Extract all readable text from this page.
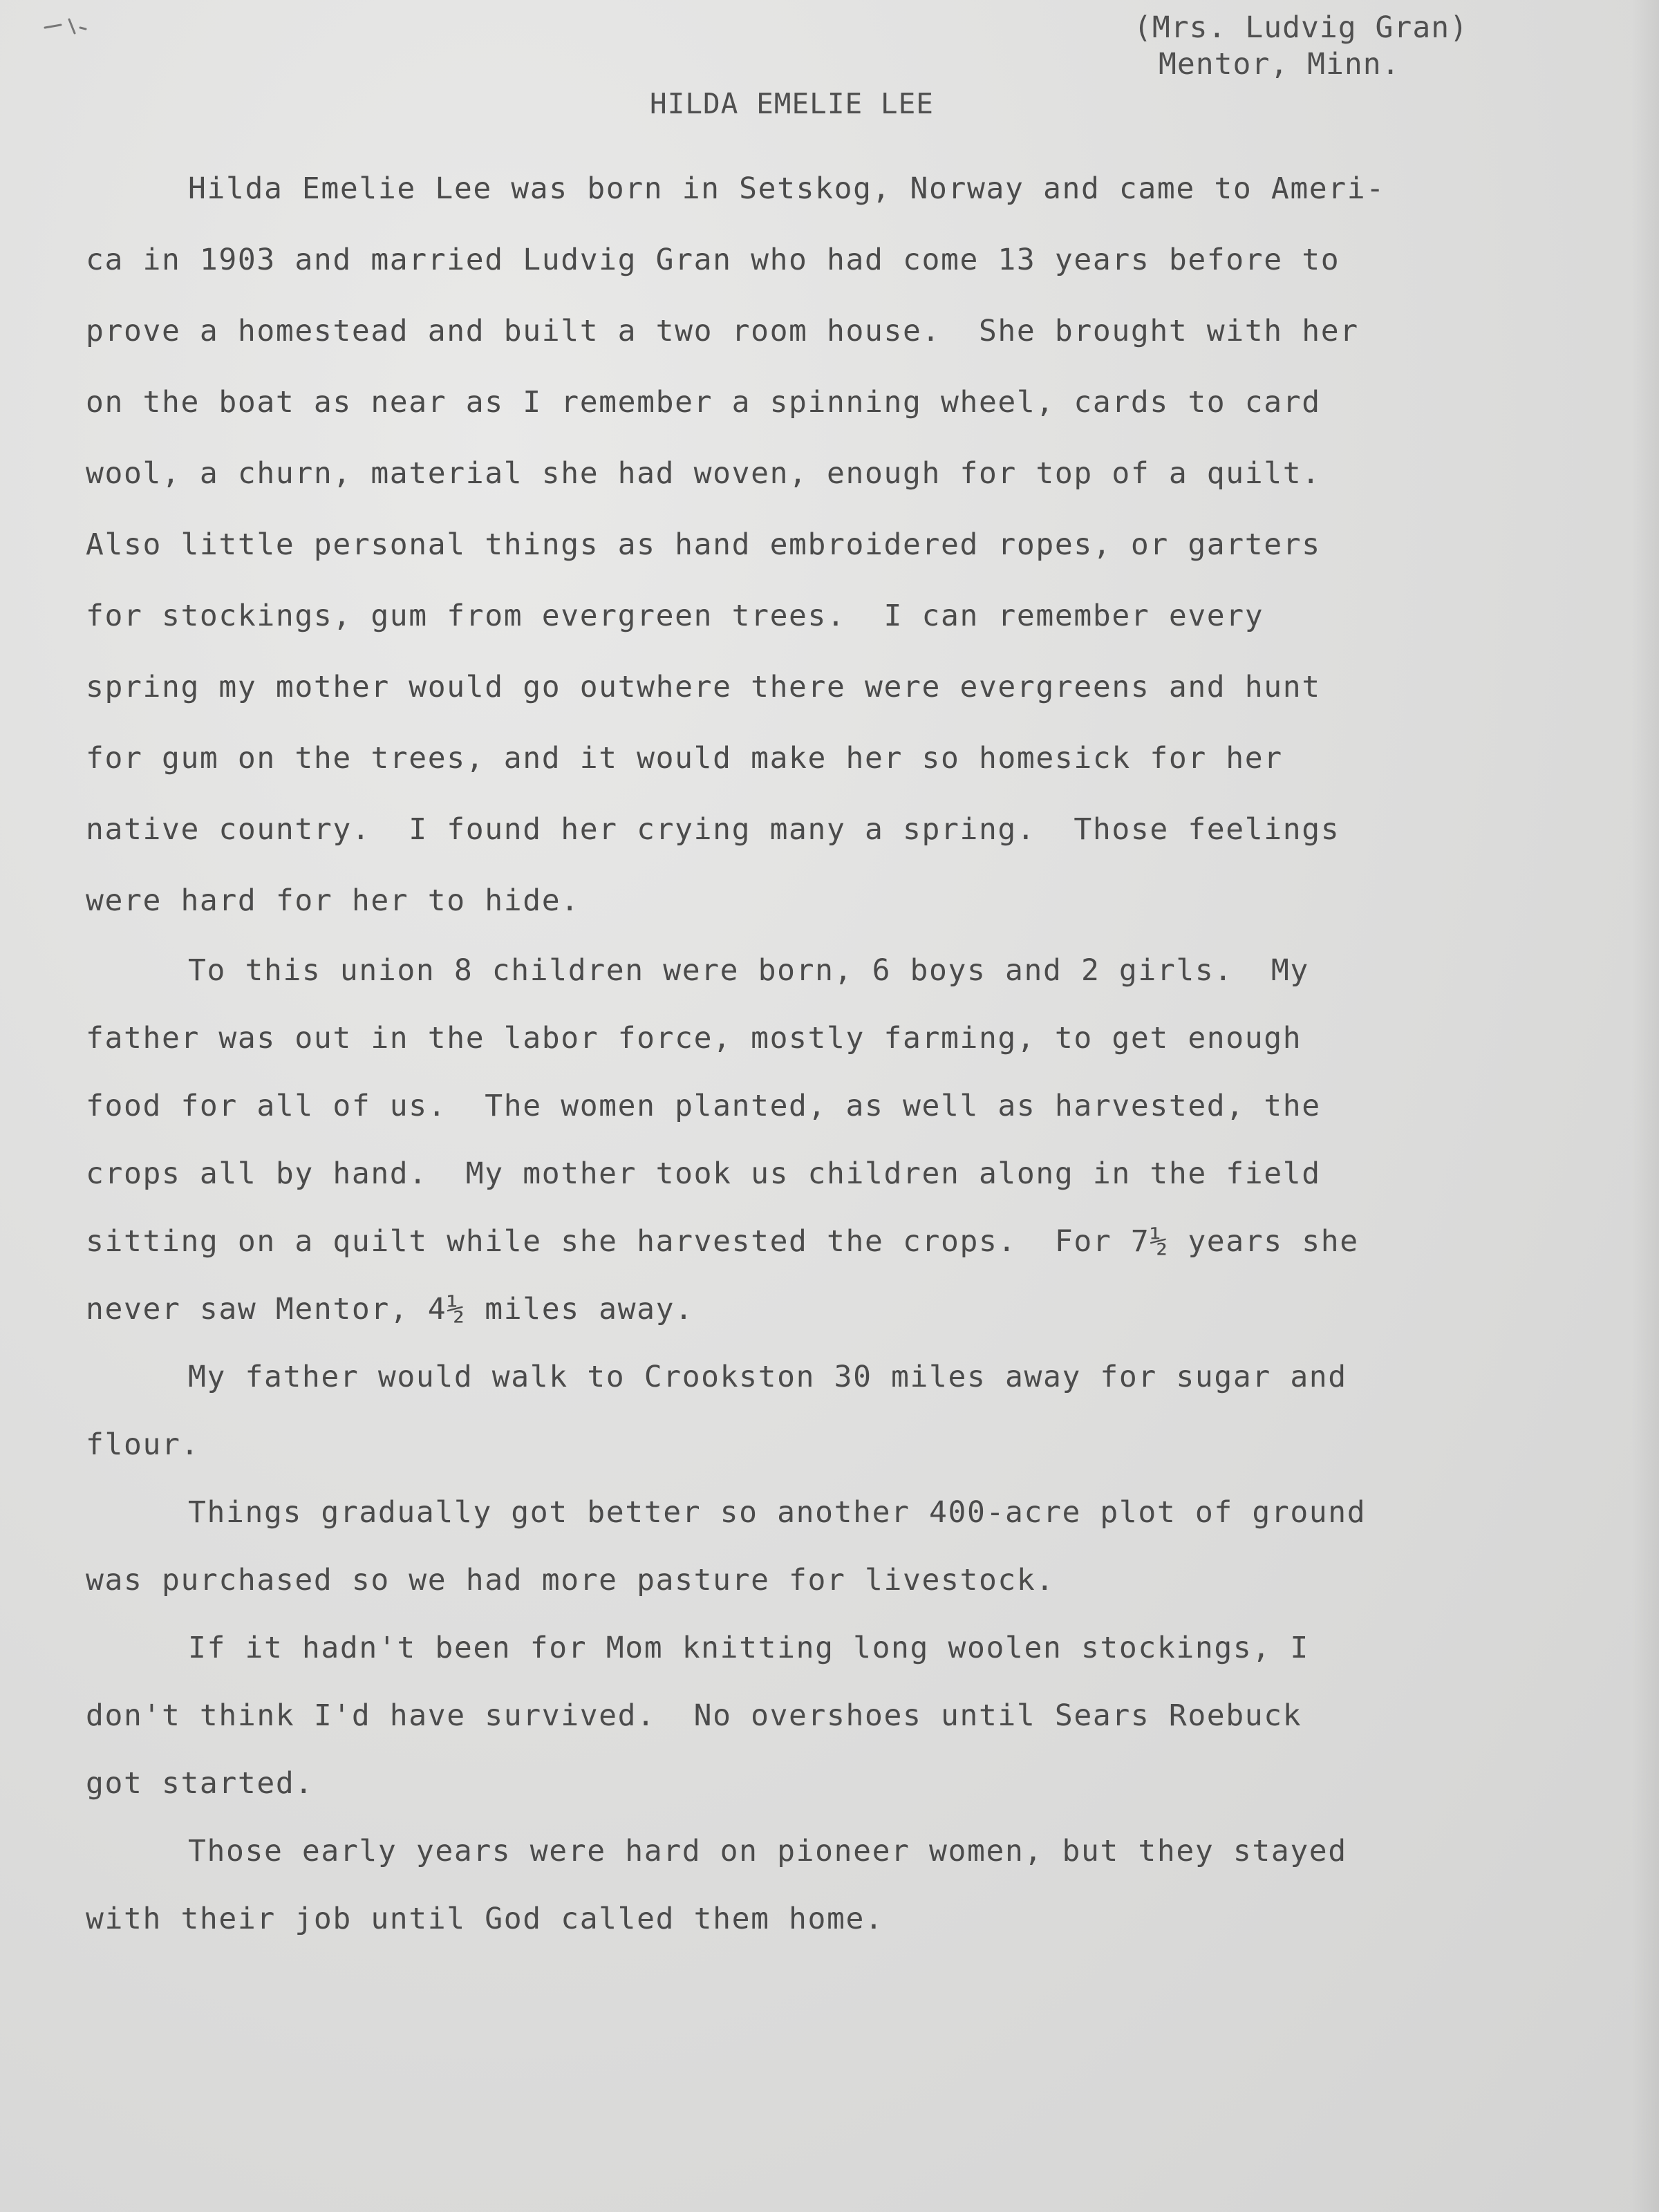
(Mrs. Ludvig Gran)
Mentor, Minn.
HILDA EMELIE LEE
Hilda Emelie Lee was born in Setskog, Norway and came to Ameri-
ca in 1903 and married Ludvig Gran who had come 13 years before to
prove a homestead and built a two room house.  She brought with her
on the boat as near as I remember a spinning wheel, cards to card
wool, a churn, material she had woven, enough for top of a quilt.
Also little personal things as hand embroidered ropes, or garters
for stockings, gum from evergreen trees.  I can remember every
spring my mother would go outwhere there were evergreens and hunt
for gum on the trees, and it would make her so homesick for her
native country.  I found her crying many a spring.  Those feelings
were hard for her to hide.
To this union 8 children were born, 6 boys and 2 girls.  My
father was out in the labor force, mostly farming, to get enough
food for all of us.  The women planted, as well as harvested, the
crops all by hand.  My mother took us children along in the field
sitting on a quilt while she harvested the crops.  For 7½ years she
never saw Mentor, 4½ miles away.
My father would walk to Crookston 30 miles away for sugar and
flour.
Things gradually got better so another 400-acre plot of ground
was purchased so we had more pasture for livestock.
If it hadn't been for Mom knitting long woolen stockings, I
don't think I'd have survived.  No overshoes until Sears Roebuck
got started.
Those early years were hard on pioneer women, but they stayed
with their job until God called them home.
